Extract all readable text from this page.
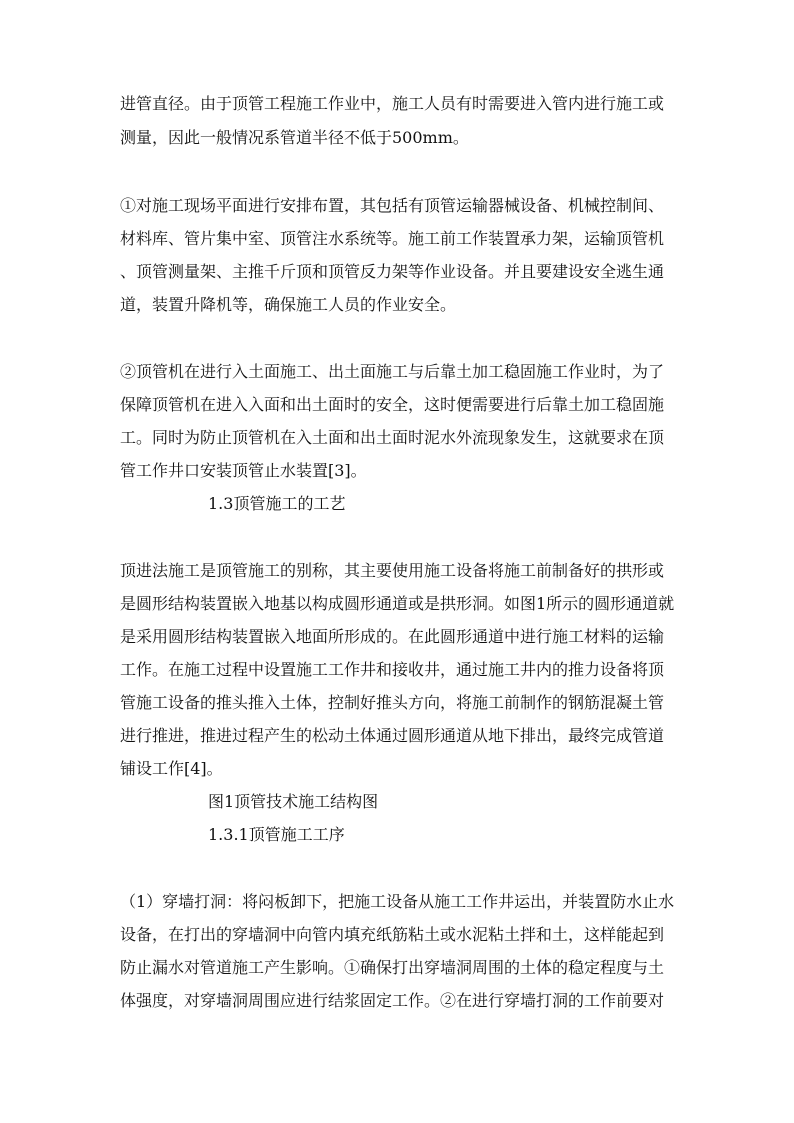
进管直径。由于顶管工程施工作业中，施工人员有时需要进入管内进行施工或
测量，因此一般情况系管道半径不低于500mm。
①对施工现场平面进行安排布置，其包括有顶管运输器械设备、机械控制间、
材料库、管片集中室、顶管注水系统等。施工前工作装置承力架，运输顶管机
、顶管测量架、主推千斤顶和顶管反力架等作业设备。并且要建设安全逃生通
道，装置升降机等，确保施工人员的作业安全。
②顶管机在进行入土面施工、出土面施工与后靠土加工稳固施工作业时，为了
保障顶管机在进入入面和出土面时的安全，这时便需要进行后靠土加工稳固施
工。同时为防止顶管机在入土面和出土面时泥水外流现象发生，这就要求在顶
管工作井口安装顶管止水装置[3]。
1.3顶管施工的工艺
顶进法施工是顶管施工的别称，其主要使用施工设备将施工前制备好的拱形或
是圆形结构装置嵌入地基以构成圆形通道或是拱形洞。如图1所示的圆形通道就
是采用圆形结构装置嵌入地面所形成的。在此圆形通道中进行施工材料的运输
工作。在施工过程中设置施工工作井和接收井，通过施工井内的推力设备将顶
管施工设备的推头推入土体，控制好推头方向，将施工前制作的钢筋混凝土管
进行推进，推进过程产生的松动土体通过圆形通道从地下排出，最终完成管道
铺设工作[4]。
图1顶管技术施工结构图
1.3.1顶管施工工序
（1）穿墙打洞：将闷板卸下，把施工设备从施工工作井运出，并装置防水止水
设备，在打出的穿墙洞中向管内填充纸筋粘土或水泥粘土拌和土，这样能起到
防止漏水对管道施工产生影响。①确保打出穿墙洞周围的土体的稳定程度与土
体强度，对穿墙洞周围应进行结浆固定工作。②在进行穿墙打洞的工作前要对
